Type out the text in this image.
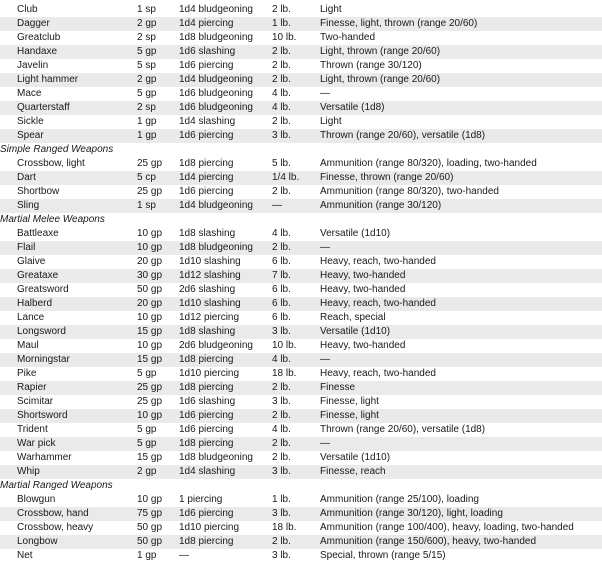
Club	1 sp	1d4 bludgeoning	2 lb.	Light
Dagger	2 gp	1d4 piercing	1 lb.	Finesse, light, thrown (range 20/60)
Greatclub	2 sp	1d8 bludgeoning	10 lb.	Two-handed
Handaxe	5 gp	1d6 slashing	2 lb.	Light, thrown (range 20/60)
Javelin	5 sp	1d6 piercing	2 lb.	Thrown (range 30/120)
Light hammer	2 gp	1d4 bludgeoning	2 lb.	Light, thrown (range 20/60)
Mace	5 gp	1d6 bludgeoning	4 lb.	—
Quarterstaff	2 sp	1d6 bludgeoning	4 lb.	Versatile (1d8)
Sickle	1 gp	1d4 slashing	2 lb.	Light
Spear	1 gp	1d6 piercing	3 lb.	Thrown (range 20/60), versatile (1d8)
Simple Ranged Weapons				
Crossbow, light	25 gp	1d8 piercing	5 lb.	Ammunition (range 80/320), loading, two-handed
Dart	5 cp	1d4 piercing	1/4 lb.	Finesse, thrown (range 20/60)
Shortbow	25 gp	1d6 piercing	2 lb.	Ammunition (range 80/320), two-handed
Sling	1 sp	1d4 bludgeoning	—	Ammunition (range 30/120)
Martial Melee Weapons				
Battleaxe	10 gp	1d8 slashing	4 lb.	Versatile (1d10)
Flail	10 gp	1d8 bludgeoning	2 lb.	—
Glaive	20 gp	1d10 slashing	6 lb.	Heavy, reach, two-handed
Greataxe	30 gp	1d12 slashing	7 lb.	Heavy, two-handed
Greatsword	50 gp	2d6 slashing	6 lb.	Heavy, two-handed
Halberd	20 gp	1d10 slashing	6 lb.	Heavy, reach, two-handed
Lance	10 gp	1d12 piercing	6 lb.	Reach, special
Longsword	15 gp	1d8 slashing	3 lb.	Versatile (1d10)
Maul	10 gp	2d6 bludgeoning	10 lb.	Heavy, two-handed
Morningstar	15 gp	1d8 piercing	4 lb.	—
Pike	5 gp	1d10 piercing	18 lb.	Heavy, reach, two-handed
Rapier	25 gp	1d8 piercing	2 lb.	Finesse
Scimitar	25 gp	1d6 slashing	3 lb.	Finesse, light
Shortsword	10 gp	1d6 piercing	2 lb.	Finesse, light
Trident	5 gp	1d6 piercing	4 lb.	Thrown (range 20/60), versatile (1d8)
War pick	5 gp	1d8 piercing	2 lb.	—
Warhammer	15 gp	1d8 bludgeoning	2 lb.	Versatile (1d10)
Whip	2 gp	1d4 slashing	3 lb.	Finesse, reach
Martial Ranged Weapons				
Blowgun	10 gp	1 piercing	1 lb.	Ammunition (range 25/100), loading
Crossbow, hand	75 gp	1d6 piercing	3 lb.	Ammunition (range 30/120), light, loading
Crossbow, heavy	50 gp	1d10 piercing	18 lb.	Ammunition (range 100/400), heavy, loading, two-handed
Longbow	50 gp	1d8 piercing	2 lb.	Ammunition (range 150/600), heavy, two-handed
Net	1 gp	—	3 lb.	Special, thrown (range 5/15)
